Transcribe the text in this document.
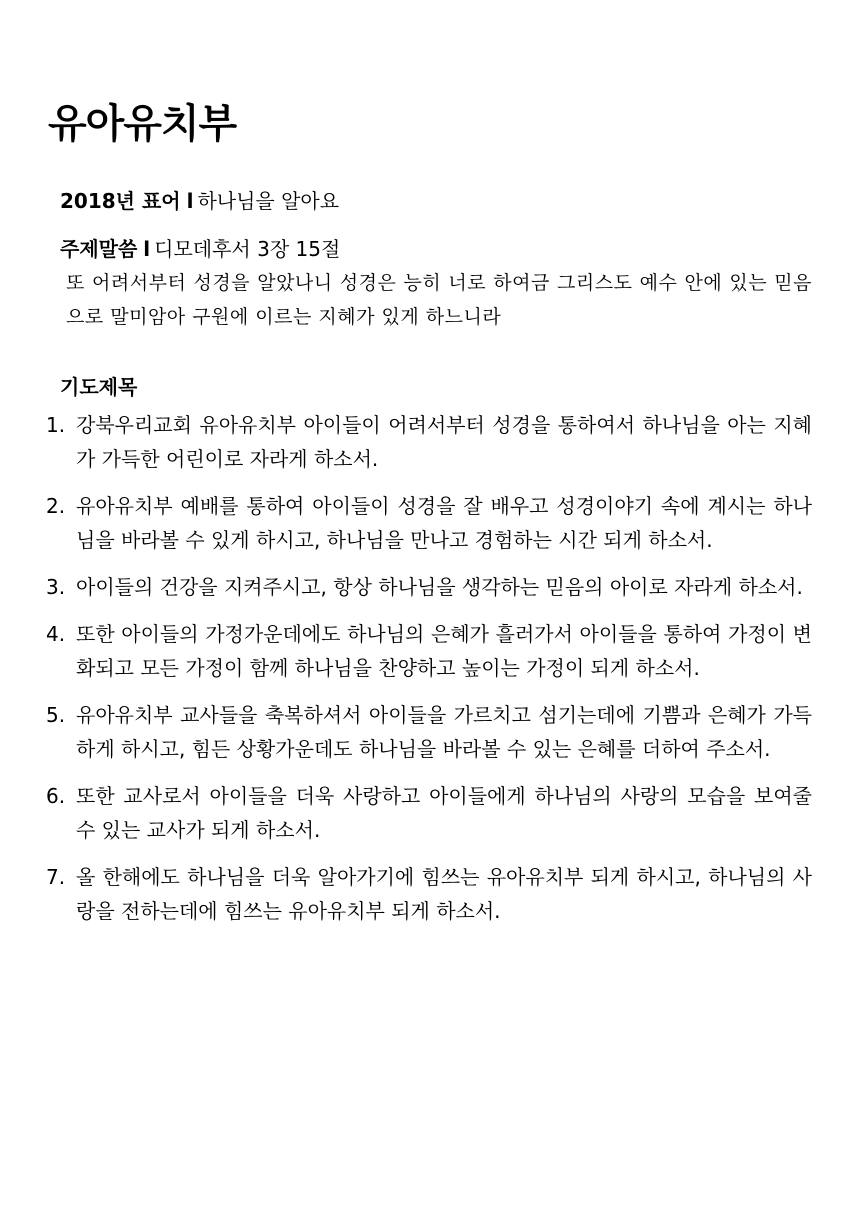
유아유치부
2018년 표어 l 하나님을 알아요
주제말씀 l 디모데후서 3장 15절

또 어려서부터 성경을 알았나니 성경은 능히 너로 하여금 그리스도 예수 안에 있는 믿음으로 말미암아 구원에 이르는 지혜가 있게 하느니라

기도제목
1. 강북우리교회 유아유치부 아이들이 어려서부터 성경을 통하여서 하나님을 아는 지혜가 가득한 어린이로 자라게 하소서.
2. 유아유치부 예배를 통하여 아이들이 성경을 잘 배우고 성경이야기 속에 계시는 하나님을 바라볼 수 있게 하시고, 하나님을 만나고 경험하는 시간 되게 하소서.
3. 아이들의 건강을 지켜주시고, 항상 하나님을 생각하는 믿음의 아이로 자라게 하소서.
4. 또한 아이들의 가정가운데에도 하나님의 은혜가 흘러가서 아이들을 통하여 가정이 변화되고 모든 가정이 함께 하나님을 찬양하고 높이는 가정이 되게 하소서.
5. 유아유치부 교사들을 축복하셔서 아이들을 가르치고 섬기는데에 기쁨과 은혜가 가득하게 하시고, 힘든 상황가운데도 하나님을 바라볼 수 있는 은혜를 더하여 주소서.
6. 또한 교사로서 아이들을 더욱 사랑하고 아이들에게 하나님의 사랑의 모습을 보여줄 수 있는 교사가 되게 하소서.
7. 올 한해에도 하나님을 더욱 알아가기에 힘쓰는 유아유치부 되게 하시고, 하나님의 사랑을 전하는데에 힘쓰는 유아유치부 되게 하소서.
